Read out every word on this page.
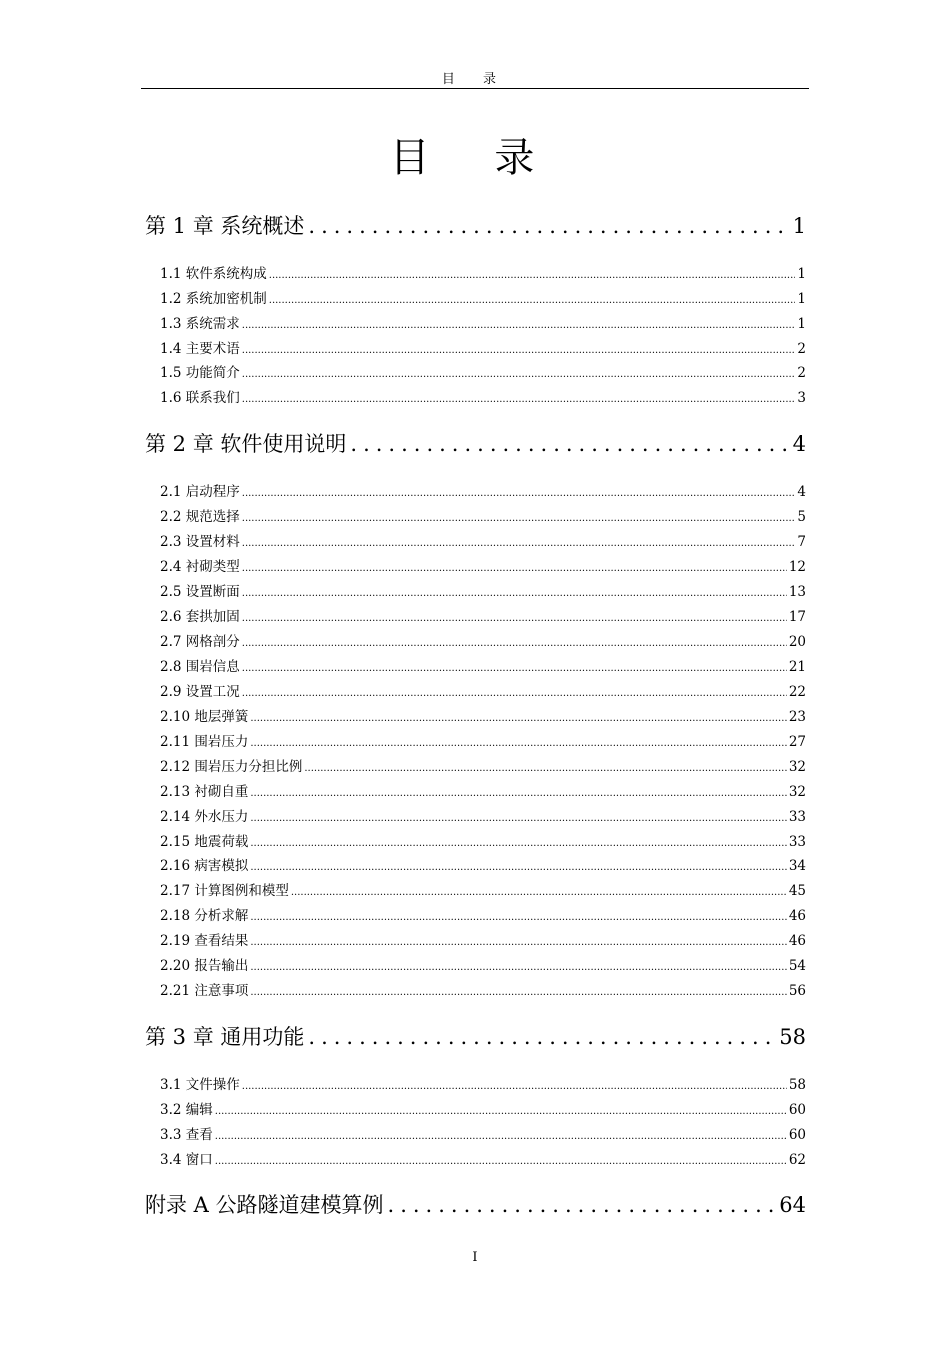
目 录
目 录
第 1 章 系统概述 .....	1
1.1 软件系统构成 .....	1
1.2 系统加密机制 .....	1
1.3 系统需求 .....	1
1.4 主要术语 .....	2
1.5 功能简介 .....	2
1.6 联系我们 .....	3
第 2 章 软件使用说明 .....	4
2.1 启动程序 .....	4
2.2 规范选择 .....	5
2.3 设置材料 .....	7
2.4 衬砌类型 .....	12
2.5 设置断面 .....	13
2.6 套拱加固 .....	17
2.7 网格剖分 .....	20
2.8 围岩信息 .....	21
2.9 设置工况 .....	22
2.10 地层弹簧 .....	23
2.11 围岩压力 .....	27
2.12 围岩压力分担比例 .....	32
2.13 衬砌自重 .....	32
2.14 外水压力 .....	33
2.15 地震荷载 .....	33
2.16 病害模拟 .....	34
2.17 计算图例和模型 .....	45
2.18 分析求解 .....	46
2.19 查看结果 .....	46
2.20 报告输出 .....	54
2.21 注意事项 .....	56
第 3 章 通用功能 .....	58
3.1 文件操作 .....	58
3.2 编辑 .....	60
3.3 查看 .....	60
3.4 窗口 .....	62
附录 A 公路隧道建模算例 .....	64
I
